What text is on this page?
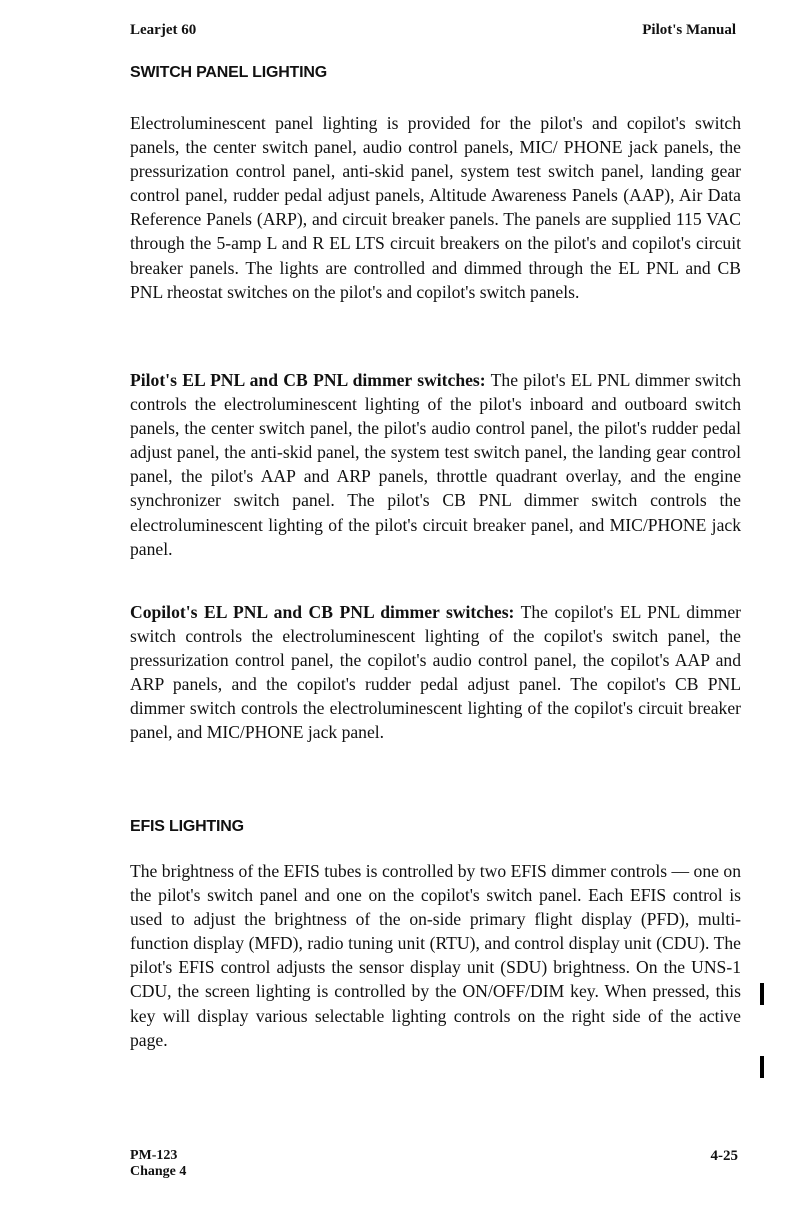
Learjet 60	Pilot's Manual
SWITCH PANEL LIGHTING

Electroluminescent panel lighting is provided for the pilot's and copilot's switch panels, the center switch panel, audio control panels, MIC/ PHONE jack panels, the pressurization control panel, anti-skid panel, system test switch panel, landing gear control panel, rudder pedal adjust panels, Altitude Awareness Panels (AAP), Air Data Reference Panels (ARP), and circuit breaker panels. The panels are supplied 115 VAC through the 5-amp L and R EL LTS circuit breakers on the pilot's and copilot's circuit breaker panels. The lights are controlled and dimmed through the EL PNL and CB PNL rheostat switches on the pilot's and copilot's switch panels.

Pilot's EL PNL and CB PNL dimmer switches: The pilot's EL PNL dimmer switch controls the electroluminescent lighting of the pilot's inboard and outboard switch panels, the center switch panel, the pilot's audio control panel, the pilot's rudder pedal adjust panel, the anti-skid panel, the system test switch panel, the landing gear control panel, the pilot's AAP and ARP panels, throttle quadrant overlay, and the engine synchronizer switch panel. The pilot's CB PNL dimmer switch controls the electroluminescent lighting of the pilot's circuit breaker panel, and MIC/PHONE jack panel.

Copilot's EL PNL and CB PNL dimmer switches: The copilot's EL PNL dimmer switch controls the electroluminescent lighting of the copilot's switch panel, the pressurization control panel, the copilot's audio control panel, the copilot's AAP and ARP panels, and the copilot's rudder pedal adjust panel. The copilot's CB PNL dimmer switch controls the electroluminescent lighting of the copilot's circuit breaker panel, and MIC/PHONE jack panel.

EFIS LIGHTING

The brightness of the EFIS tubes is controlled by two EFIS dimmer controls — one on the pilot's switch panel and one on the copilot's switch panel. Each EFIS control is used to adjust the brightness of the on-side primary flight display (PFD), multi-function display (MFD), radio tuning unit (RTU), and control display unit (CDU). The pilot's EFIS control adjusts the sensor display unit (SDU) brightness. On the UNS-1 CDU, the screen lighting is controlled by the ON/OFF/DIM key. When pressed, this key will display various selectable lighting controls on the right side of the active page.

PM-123
Change 4
4-25
